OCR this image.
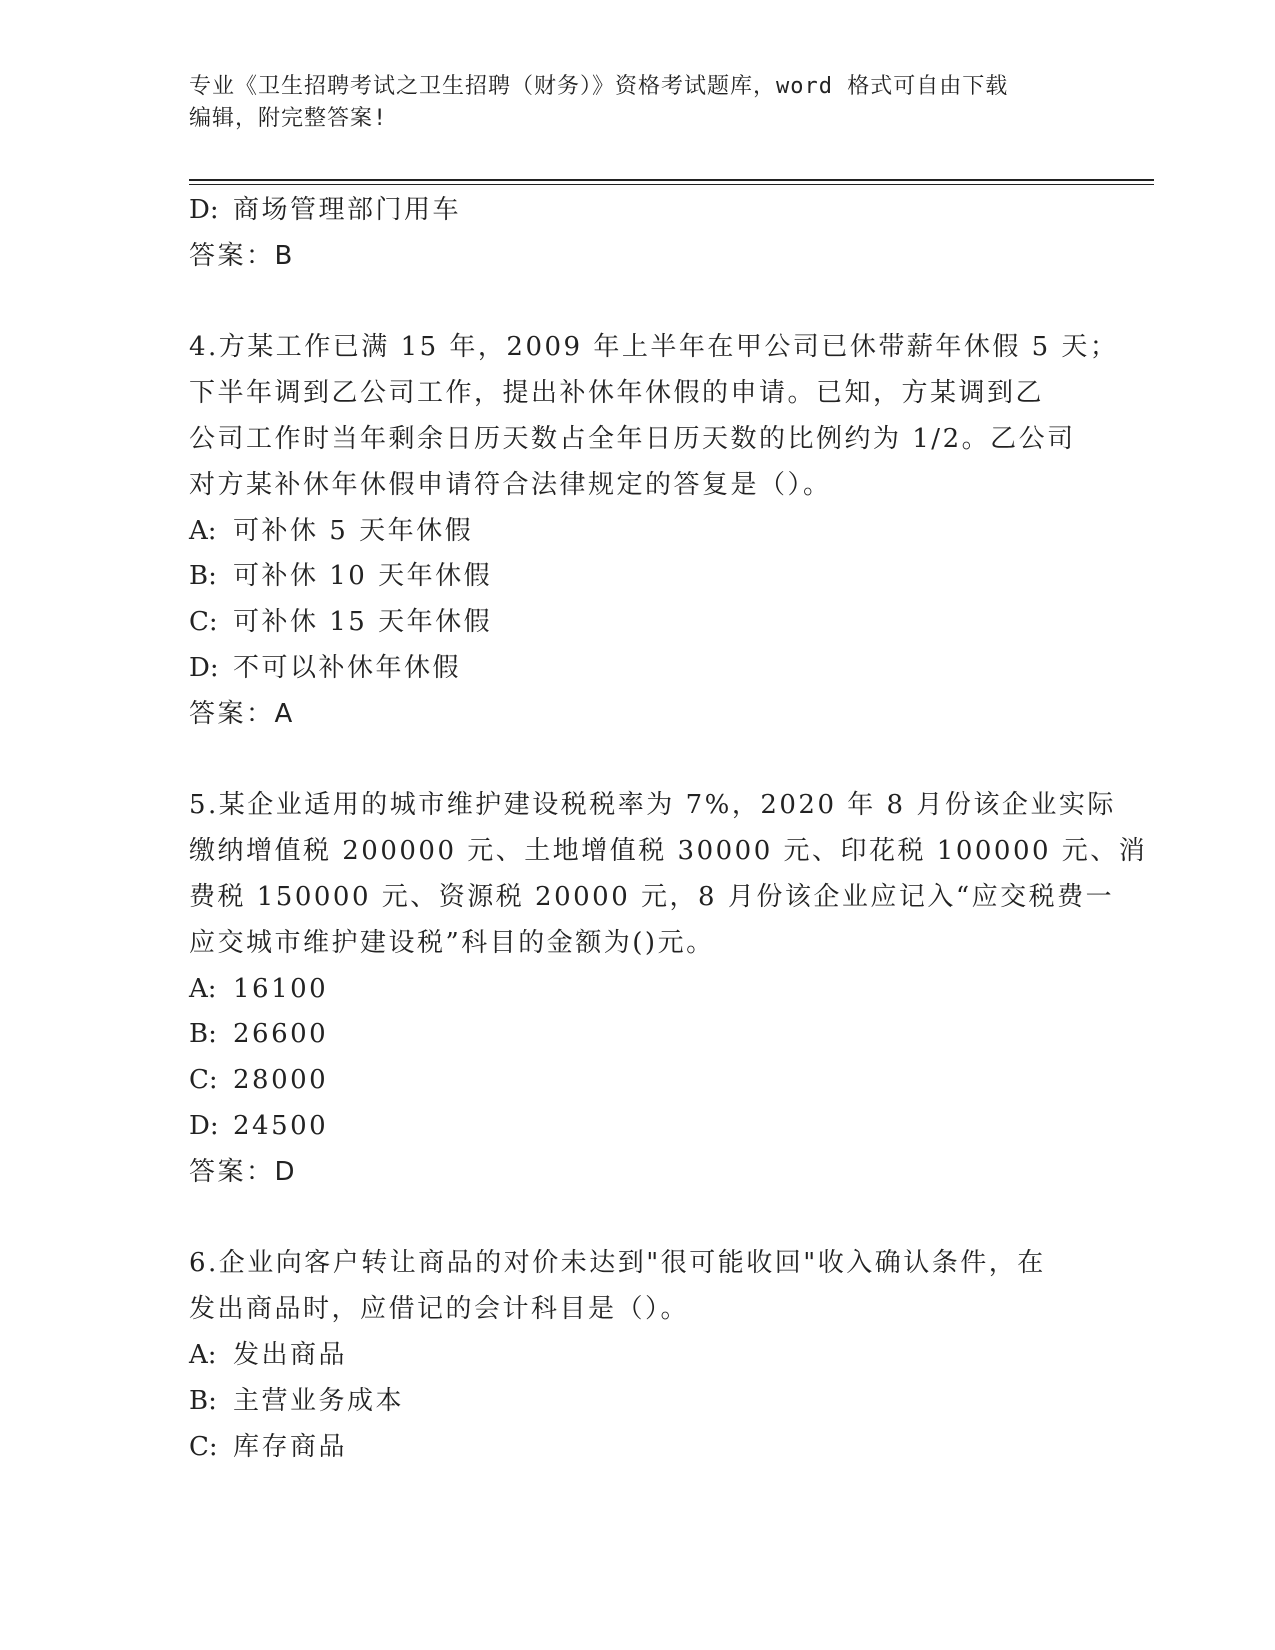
专业《卫生招聘考试之卫生招聘（财务）》资格考试题库，word 格式可自由下载
编辑，附完整答案!
D: 商场管理部门用车
答案：B
4.方某工作已满 15 年，2009 年上半年在甲公司已休带薪年休假 5 天；
下半年调到乙公司工作，提出补休年休假的申请。已知，方某调到乙
公司工作时当年剩余日历天数占全年日历天数的比例约为 1/2。乙公司
对方某补休年休假申请符合法律规定的答复是（）。
A: 可补休 5 天年休假
B: 可补休 10 天年休假
C: 可补休 15 天年休假
D: 不可以补休年休假
答案：A
5.某企业适用的城市维护建设税税率为 7%，2020 年 8 月份该企业实际
缴纳增值税 200000 元、土地增值税 30000 元、印花税 100000 元、消
费税 150000 元、资源税 20000 元，8 月份该企业应记入“应交税费一
应交城市维护建设税”科目的金额为()元。
A: 16100
B: 26600
C: 28000
D: 24500
答案：D
6.企业向客户转让商品的对价未达到"很可能收回"收入确认条件，在
发出商品时，应借记的会计科目是（）。
A: 发出商品
B: 主营业务成本
C: 库存商品
